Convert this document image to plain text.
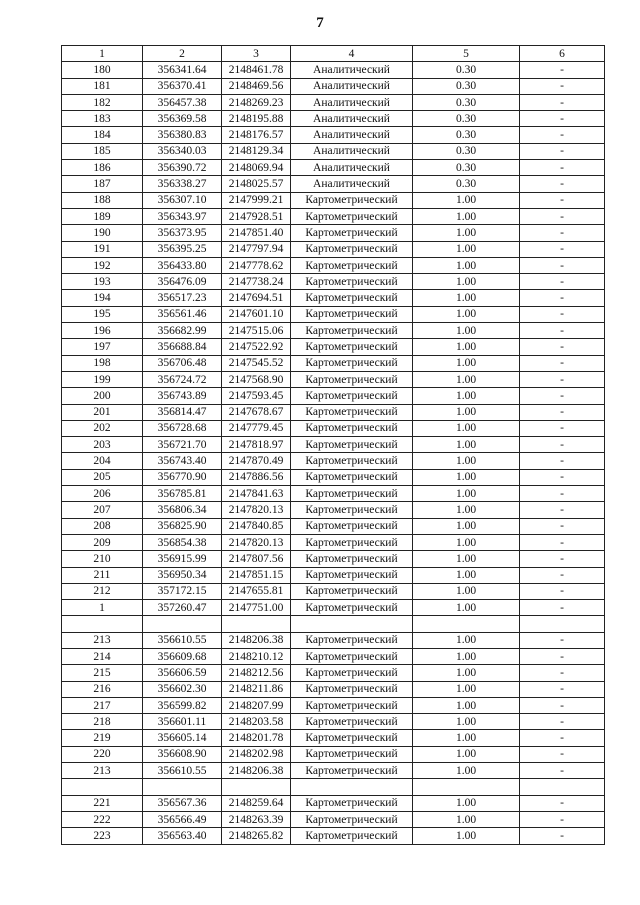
7
1	2	3	4	5	6
180	356341.64	2148461.78	Аналитический	0.30	-
181	356370.41	2148469.56	Аналитический	0.30	-
182	356457.38	2148269.23	Аналитический	0.30	-
183	356369.58	2148195.88	Аналитический	0.30	-
184	356380.83	2148176.57	Аналитический	0.30	-
185	356340.03	2148129.34	Аналитический	0.30	-
186	356390.72	2148069.94	Аналитический	0.30	-
187	356338.27	2148025.57	Аналитический	0.30	-
188	356307.10	2147999.21	Картометрический	1.00	-
189	356343.97	2147928.51	Картометрический	1.00	-
190	356373.95	2147851.40	Картометрический	1.00	-
191	356395.25	2147797.94	Картометрический	1.00	-
192	356433.80	2147778.62	Картометрический	1.00	-
193	356476.09	2147738.24	Картометрический	1.00	-
194	356517.23	2147694.51	Картометрический	1.00	-
195	356561.46	2147601.10	Картометрический	1.00	-
196	356682.99	2147515.06	Картометрический	1.00	-
197	356688.84	2147522.92	Картометрический	1.00	-
198	356706.48	2147545.52	Картометрический	1.00	-
199	356724.72	2147568.90	Картометрический	1.00	-
200	356743.89	2147593.45	Картометрический	1.00	-
201	356814.47	2147678.67	Картометрический	1.00	-
202	356728.68	2147779.45	Картометрический	1.00	-
203	356721.70	2147818.97	Картометрический	1.00	-
204	356743.40	2147870.49	Картометрический	1.00	-
205	356770.90	2147886.56	Картометрический	1.00	-
206	356785.81	2147841.63	Картометрический	1.00	-
207	356806.34	2147820.13	Картометрический	1.00	-
208	356825.90	2147840.85	Картометрический	1.00	-
209	356854.38	2147820.13	Картометрический	1.00	-
210	356915.99	2147807.56	Картометрический	1.00	-
211	356950.34	2147851.15	Картометрический	1.00	-
212	357172.15	2147655.81	Картометрический	1.00	-
1	357260.47	2147751.00	Картометрический	1.00	-

213	356610.55	2148206.38	Картометрический	1.00	-
214	356609.68	2148210.12	Картометрический	1.00	-
215	356606.59	2148212.56	Картометрический	1.00	-
216	356602.30	2148211.86	Картометрический	1.00	-
217	356599.82	2148207.99	Картометрический	1.00	-
218	356601.11	2148203.58	Картометрический	1.00	-
219	356605.14	2148201.78	Картометрический	1.00	-
220	356608.90	2148202.98	Картометрический	1.00	-
213	356610.55	2148206.38	Картометрический	1.00	-

221	356567.36	2148259.64	Картометрический	1.00	-
222	356566.49	2148263.39	Картометрический	1.00	-
223	356563.40	2148265.82	Картометрический	1.00	-
